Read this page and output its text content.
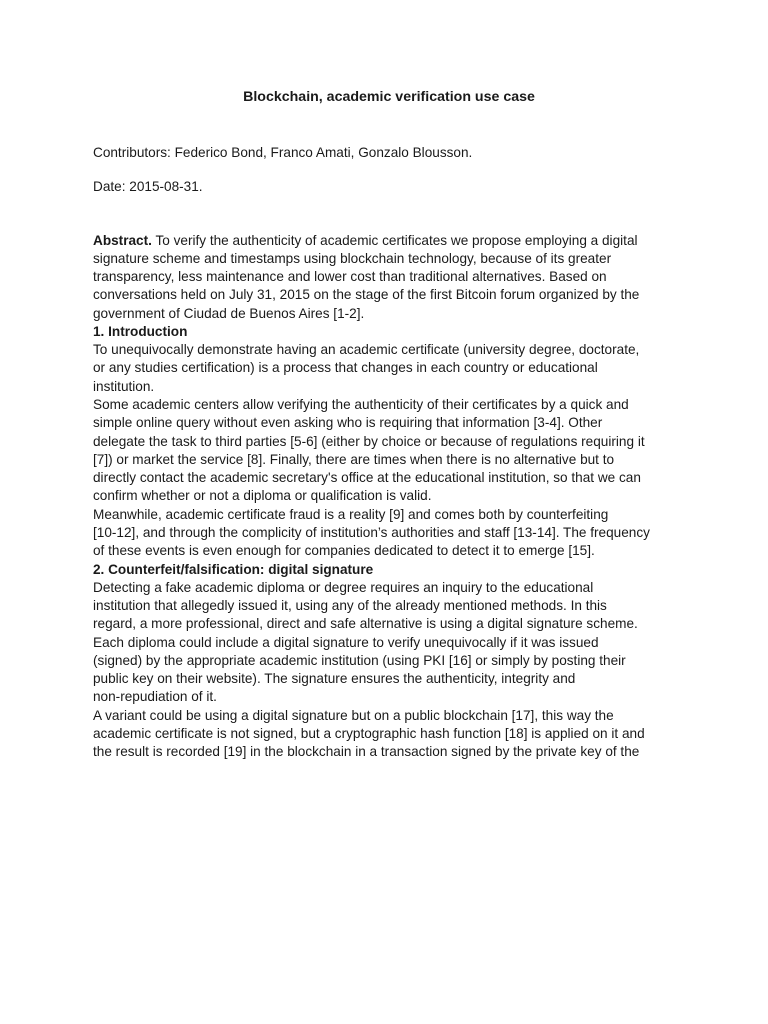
Blockchain, academic verification use case

Contributors: Federico Bond, Franco Amati, Gonzalo Blousson.

Date: 2015-08-31.

Abstract. To verify the authenticity of academic certificates we propose employing a digital
signature scheme and timestamps using blockchain technology, because of its greater
transparency, less maintenance and lower cost than traditional alternatives. Based on
conversations held on July 31, 2015 on the stage of the first Bitcoin forum organized by the
government of Ciudad de Buenos Aires [1-2].

1. Introduction

To unequivocally demonstrate having an academic certificate (university degree, doctorate,
or any studies certification) is a process that changes in each country or educational
institution.

Some academic centers allow verifying the authenticity of their certificates by a quick and
simple online query without even asking who is requiring that information [3-4]. Other
delegate the task to third parties [5-6] (either by choice or because of regulations requiring it
[7]) or market the service [8]. Finally, there are times when there is no alternative but to
directly contact the academic secretary's office at the educational institution, so that we can
confirm whether or not a diploma or qualification is valid.

Meanwhile, academic certificate fraud is a reality [9] and comes both by counterfeiting
[10-12], and through the complicity of institution’s authorities and staff [13-14]. The frequency
of these events is even enough for companies dedicated to detect it to emerge [15].

2. Counterfeit/falsification: digital signature

Detecting a fake academic diploma or degree requires an inquiry to the educational
institution that allegedly issued it, using any of the already mentioned methods. In this
regard, a more professional, direct and safe alternative is using a digital signature scheme.

Each diploma could include a digital signature to verify unequivocally if it was issued
(signed) by the appropriate academic institution (using PKI [16] or simply by posting their
public key on their website). The signature ensures the authenticity, integrity and
non-repudiation of it.

A variant could be using a digital signature but on a public blockchain [17], this way the
academic certificate is not signed, but a cryptographic hash function [18] is applied on it and
the result is recorded [19] in the blockchain in a transaction signed by the private key of the
